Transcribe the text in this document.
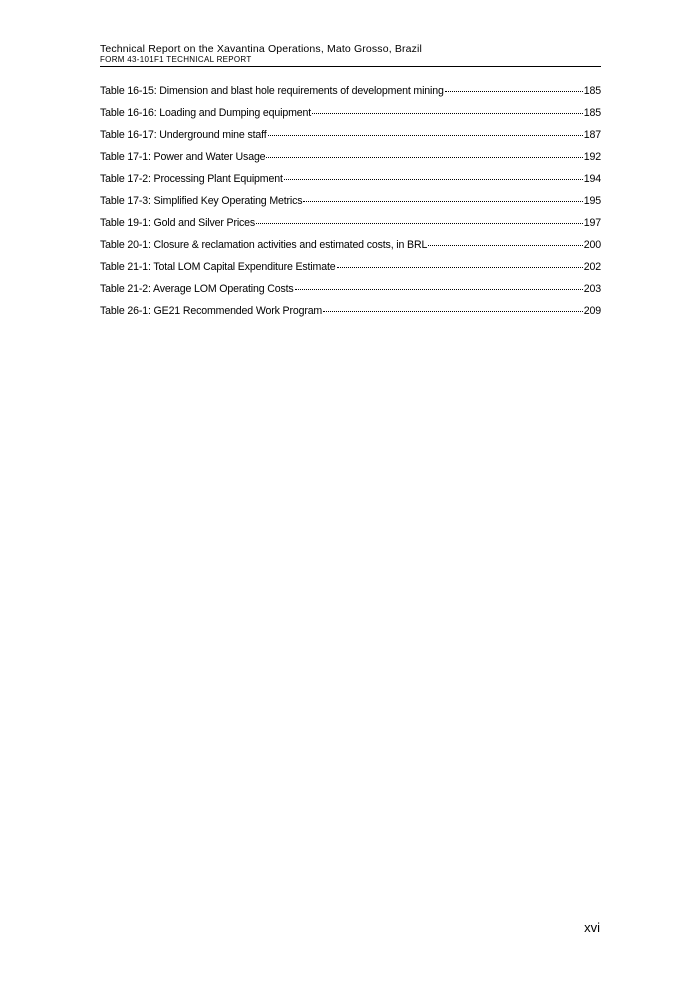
Technical Report on the Xavantina Operations, Mato Grosso, Brazil
FORM 43-101F1 TECHNICAL REPORT
Table 16-15: Dimension and blast hole requirements of development mining	185
Table 16-16: Loading and Dumping equipment	185
Table 16-17: Underground mine staff	187
Table 17-1: Power and Water Usage	192
Table 17-2: Processing Plant Equipment	194
Table 17-3: Simplified Key Operating Metrics	195
Table 19-1: Gold and Silver Prices	197
Table 20-1: Closure & reclamation activities and estimated costs, in BRL	200
Table 21-1: Total LOM Capital Expenditure Estimate	202
Table 21-2: Average LOM Operating Costs	203
Table 26-1: GE21 Recommended Work Program	209
xvi
